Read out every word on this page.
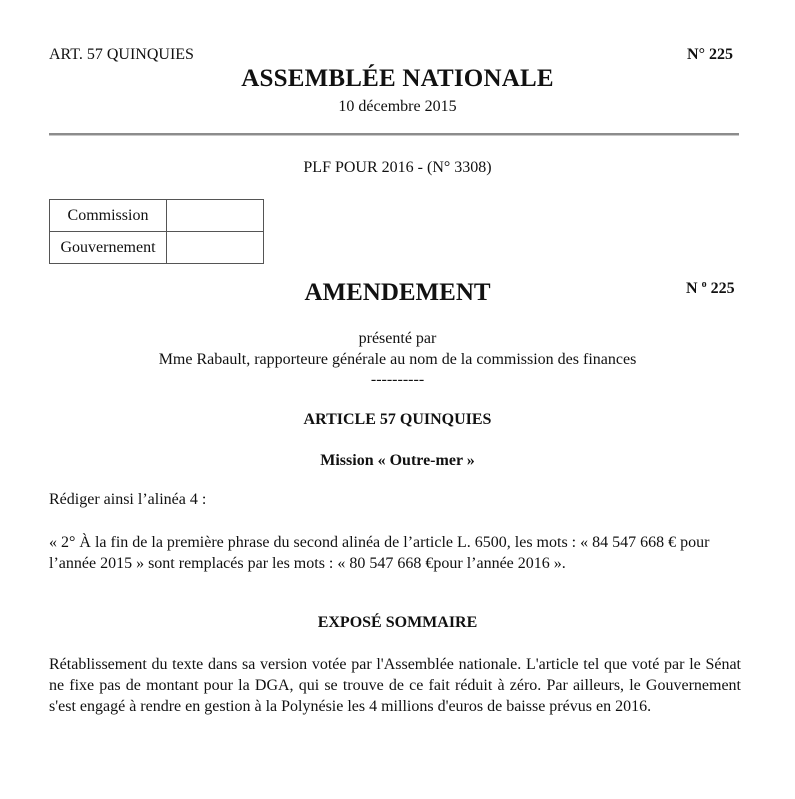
ART. 57 QUINQUIES	N° 225
ASSEMBLÉE NATIONALE
10 décembre 2015
PLF POUR 2016 - (N° 3308)
Commission	
Gouvernement	
AMENDEMENT	N $^o$ 225
présenté par
Mme Rabault, rapporteure générale au nom de la commission des finances
----------
ARTICLE 57 QUINQUIES
Mission « Outre-mer »
Rédiger ainsi l’alinéa 4 :
« 2° À la fin de la première phrase du second alinéa de l’article L. 6500, les mots : « 84 547 668 € pour l’année 2015 » sont remplacés par les mots : « 80 547 668 €pour l’année 2016 ».
EXPOSÉ SOMMAIRE
Rétablissement du texte dans sa version votée par l'Assemblée nationale. L'article tel que voté par le Sénat ne fixe pas de montant pour la DGA, qui se trouve de ce fait réduit à zéro. Par ailleurs, le Gouvernement s'est engagé à rendre en gestion à la Polynésie les 4 millions d'euros de baisse prévus en 2016.
